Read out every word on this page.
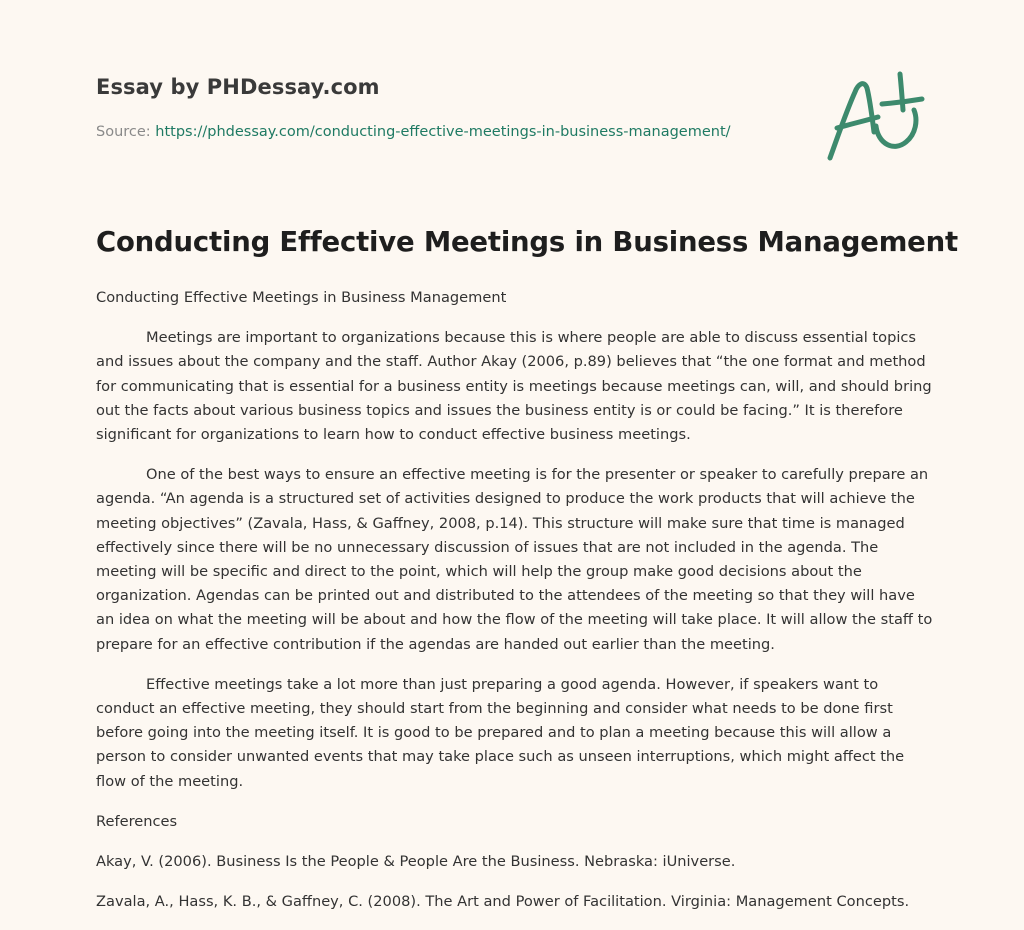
Essay by PHDessay.com
Source: https://phdessay.com/conducting-effective-meetings-in-business-management/
Conducting Effective Meetings in Business Management

Conducting Effective Meetings in Business Management

Meetings are important to organizations because this is where people are able to discuss essential topics and issues about the company and the staff. Author Akay (2006, p.89) believes that “the one format and method for communicating that is essential for a business entity is meetings because meetings can, will, and should bring out the facts about various business topics and issues the business entity is or could be facing.” It is therefore significant for organizations to learn how to conduct effective business meetings.

One of the best ways to ensure an effective meeting is for the presenter or speaker to carefully prepare an agenda. “An agenda is a structured set of activities designed to produce the work products that will achieve the meeting objectives” (Zavala, Hass, & Gaffney, 2008, p.14). This structure will make sure that time is managed effectively since there will be no unnecessary discussion of issues that are not included in the agenda. The meeting will be specific and direct to the point, which will help the group make good decisions about the organization. Agendas can be printed out and distributed to the attendees of the meeting so that they will have an idea on what the meeting will be about and how the flow of the meeting will take place. It will allow the staff to prepare for an effective contribution if the agendas are handed out earlier than the meeting.

Effective meetings take a lot more than just preparing a good agenda. However, if speakers want to conduct an effective meeting, they should start from the beginning and consider what needs to be done first before going into the meeting itself. It is good to be prepared and to plan a meeting because this will allow a person to consider unwanted events that may take place such as unseen interruptions, which might affect the flow of the meeting.

References

Akay, V. (2006). Business Is the People & People Are the Business. Nebraska: iUniverse.

Zavala, A., Hass, K. B., & Gaffney, C. (2008). The Art and Power of Facilitation. Virginia: Management Concepts.
